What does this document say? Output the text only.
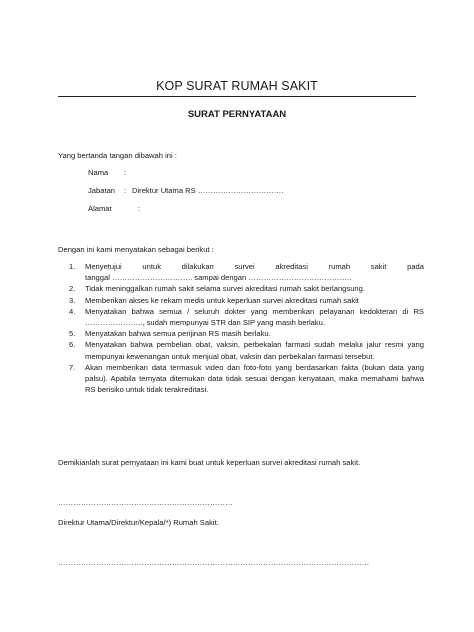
KOP SURAT RUMAH SAKIT
SURAT PERNYATAAN
Yang bertanda tangan dibawah ini :
Nama :
Jabatan : Direktur Utama RS …………………………….
Alamat	:
Dengan ini kami menyatakan sebagai berikut :
1. Menyetujui untuk dilakukan survei akreditasi rumah sakit pada
tanggal ………………………….. sampai dengan …………………………………..
2. Tidak meninggalkan rumah sakit selama survei akreditasi rumah sakit berlangsung.
3. Memberikan akses ke rekam medis untuk keperluan survei akreditasi rumah sakit
4. Menyatakan bahwa semua / seluruh dokter yang memberikan pelayanan kedokteran di RS ………………….., sudah mempunyai STR dan SIP yang masih berlaku.
5. Menyatakan bahwa semua perijinan RS masih berlaku.
6. Menyatakan bahwa pembelian obat, vaksin, perbekalan farmasi sudah melalui jalur resmi yang mempunyai kewenangan untuk menjual obat, vaksin dan perbekalan farmasi tersebut.
7. Akan memberikan data termasuk video dan foto-foto yang berdasarkan fakta (bukan data yang palsu). Apabila ternyata ditemukan data tidak sesuai dengan kenyataan, maka memahami bahwa RS berisiko untuk tidak terakreditasi.
Demikianlah surat pernyataan ini kami buat untuk keperluan survei akreditasi rumah sakit.
……………………………………………………………
Direktur Utama/Direktur/Kepala/*) Rumah Sakit.
……………………………………………………………………………………………………………
